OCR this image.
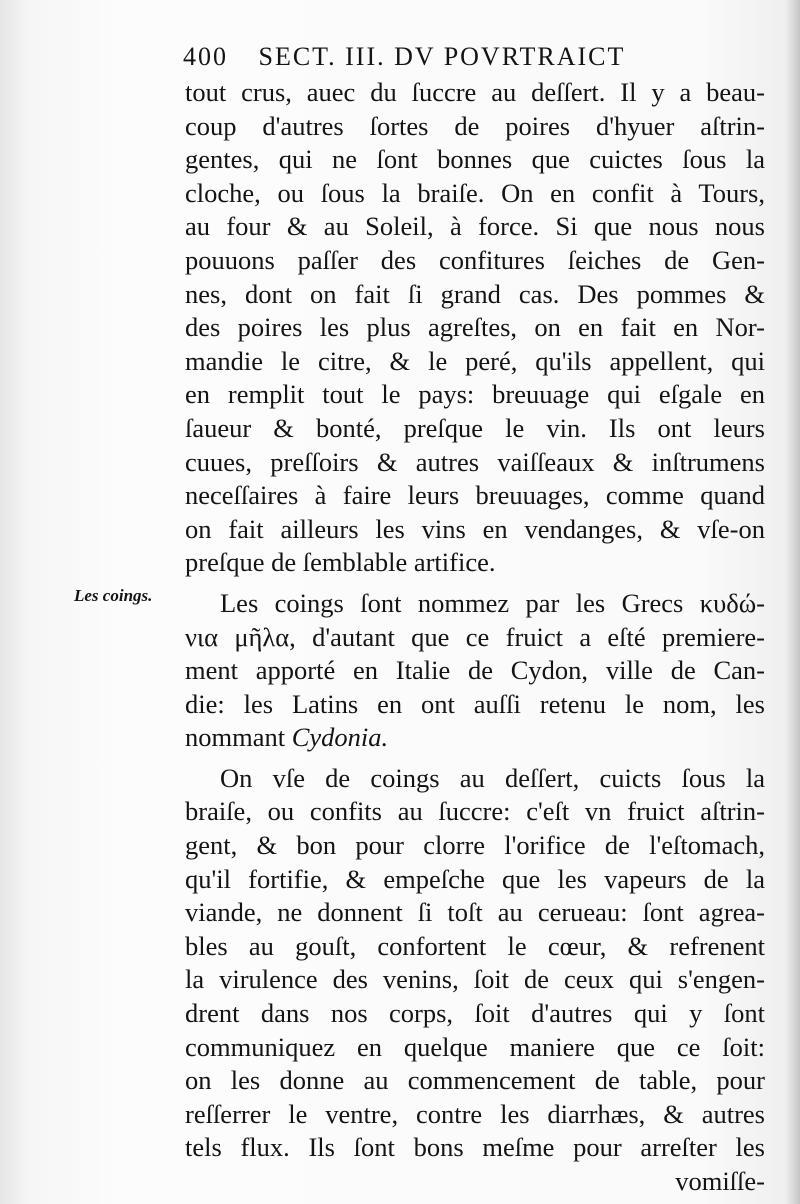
400 SECT. III. DV POVRTRAICT
Les coings.
tout crus, auec du ſuccre au deſſert. Il y a beau-
coup d'autres ſortes de poires d'hyuer aſtrin-
gentes, qui ne ſont bonnes que cuictes ſous la
cloche, ou ſous la braiſe. On en confit à Tours,
au four & au Soleil, à force. Si que nous nous
pouuons paſſer des confitures ſeiches de Gen-
nes, dont on fait ſi grand cas. Des pommes &
des poires les plus agreſtes, on en fait en Nor-
mandie le citre, & le peré, qu'ils appellent, qui
en remplit tout le pays: breuuage qui eſgale en
ſaueur & bonté, preſque le vin. Ils ont leurs
cuues, preſſoirs & autres vaiſſeaux & inſtrumens
neceſſaires à faire leurs breuuages, comme quand
on fait ailleurs les vins en vendanges, & vſe-on
preſque de ſemblable artifice.
Les coings ſont nommez par les Grecs κυδώ-
νια μῆλα, d'autant que ce fruict a eſté premiere-
ment apporté en Italie de Cydon, ville de Can-
die: les Latins en ont auſſi retenu le nom, les
nommant Cydonia.
On vſe de coings au deſſert, cuicts ſous la
braiſe, ou confits au ſuccre: c'eſt vn fruict aſtrin-
gent, & bon pour clorre l'orifice de l'eſtomach,
qu'il fortifie, & empeſche que les vapeurs de la
viande, ne donnent ſi toſt au cerueau: ſont agrea-
bles au gouſt, confortent le cœur, & refrenent
la virulence des venins, ſoit de ceux qui s'engen-
drent dans nos corps, ſoit d'autres qui y ſont
communiquez en quelque maniere que ce ſoit:
on les donne au commencement de table, pour
reſſerrer le ventre, contre les diarrhæs, & autres
tels flux. Ils ſont bons meſme pour arreſter les
vomiſſe-
